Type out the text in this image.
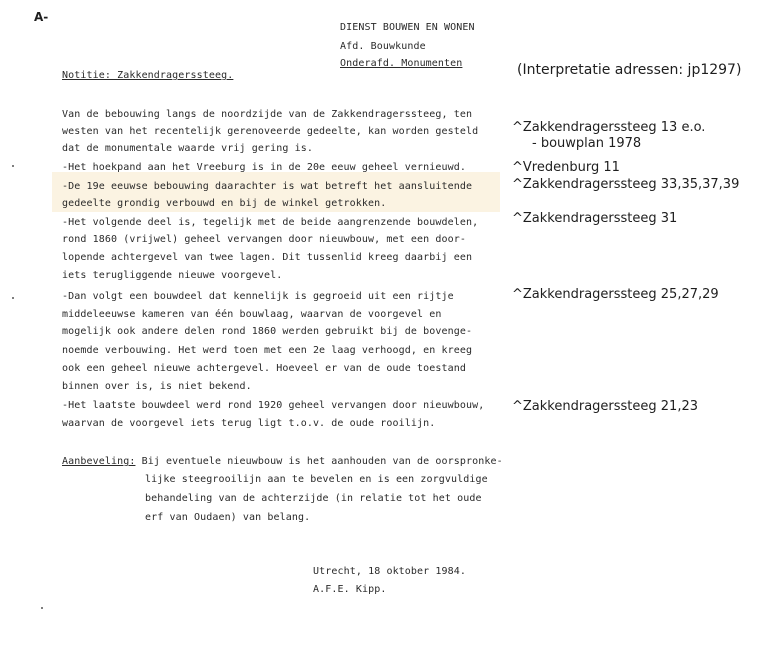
A-
DIENST BOUWEN EN WONEN
Afd. Bouwkunde
Onderafd. Monumenten	(Interpretatie adressen: jp1297)
Notitie: Zakkendragerssteeg.
Van de bebouwing langs de noordzijde van de Zakkendragerssteeg, ten
westen van het recentelijk gerenoveerde gedeelte, kan worden gesteld
dat de monumentale waarde vrij gering is.
-Het hoekpand aan het Vreeburg is in de 20e eeuw geheel vernieuwd.
-De 19e eeuwse bebouwing daarachter is wat betreft het aansluitende
gedeelte grondig verbouwd en bij de winkel getrokken.
-Het volgende deel is, tegelijk met de beide aangrenzende bouwdelen,
rond 1860 (vrijwel) geheel vervangen door nieuwbouw, met een door-
lopende achtergevel van twee lagen. Dit tussenlid kreeg daarbij een
iets terugliggende nieuwe voorgevel.
-Dan volgt een bouwdeel dat kennelijk is gegroeid uit een rijtje
middeleeuwse kameren van één bouwlaag, waarvan de voorgevel en
mogelijk ook andere delen rond 1860 werden gebruikt bij de bovenge-
noemde verbouwing. Het werd toen met een 2e laag verhoogd, en kreeg
ook een geheel nieuwe achtergevel. Hoeveel er van de oude toestand
binnen over is, is niet bekend.
-Het laatste bouwdeel werd rond 1920 geheel vervangen door nieuwbouw,
waarvan de voorgevel iets terug ligt t.o.v. de oude rooilijn.
^Zakkendragerssteeg 13 e.o.
- bouwplan 1978
^Vredenburg 11
^Zakkendragerssteeg 33,35,37,39
^Zakkendragerssteeg 31
^Zakkendragerssteeg 25,27,29
^Zakkendragerssteeg 21,23
Aanbeveling: Bij eventuele nieuwbouw is het aanhouden van de oorspronke-
lijke steegrooilijn aan te bevelen en is een zorgvuldige
behandeling van de achterzijde (in relatie tot het oude
erf van Oudaen) van belang.
Utrecht, 18 oktober 1984.
A.F.E. Kipp.
